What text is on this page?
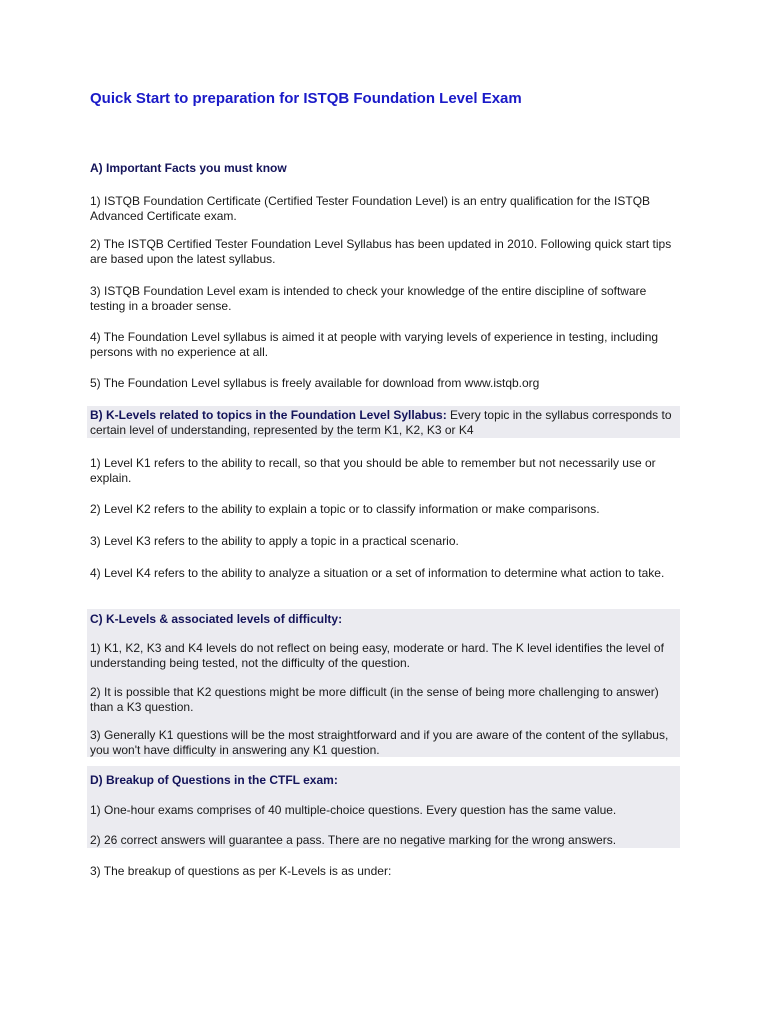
Quick Start to preparation for ISTQB Foundation Level Exam
A) Important Facts you must know
1) ISTQB Foundation Certificate (Certified Tester Foundation Level) is an entry qualification for the ISTQB Advanced Certificate exam.
2) The ISTQB Certified Tester Foundation Level Syllabus has been updated in 2010. Following quick start tips are based upon the latest syllabus.
3) ISTQB Foundation Level exam is intended to check your knowledge of the entire discipline of software testing in a broader sense.
4) The Foundation Level syllabus is aimed it at people with varying levels of experience in testing, including persons with no experience at all.
5) The Foundation Level syllabus is freely available for download from www.istqb.org
B) K-Levels related to topics in the Foundation Level Syllabus: Every topic in the syllabus corresponds to certain level of understanding, represented by the term K1, K2, K3 or K4
1) Level K1 refers to the ability to recall, so that you should be able to remember but not necessarily use or explain.
2) Level K2 refers to the ability to explain a topic or to classify information or make comparisons.
3) Level K3 refers to the ability to apply a topic in a practical scenario.
4) Level K4 refers to the ability to analyze a situation or a set of information to determine what action to take.
C) K-Levels & associated levels of difficulty:
1) K1, K2, K3 and K4 levels do not reflect on being easy, moderate or hard. The K level identifies the level of understanding being tested, not the difficulty of the question.
2) It is possible that K2 questions might be more difficult (in the sense of being more challenging to answer) than a K3 question.
3) Generally K1 questions will be the most straightforward and if you are aware of the content of the syllabus, you won't have difficulty in answering any K1 question.
D) Breakup of Questions in the CTFL exam:
1) One-hour exams comprises of 40 multiple-choice questions. Every question has the same value.
2) 26 correct answers will guarantee a pass. There are no negative marking for the wrong answers.
3) The breakup of questions as per K-Levels is as under:
